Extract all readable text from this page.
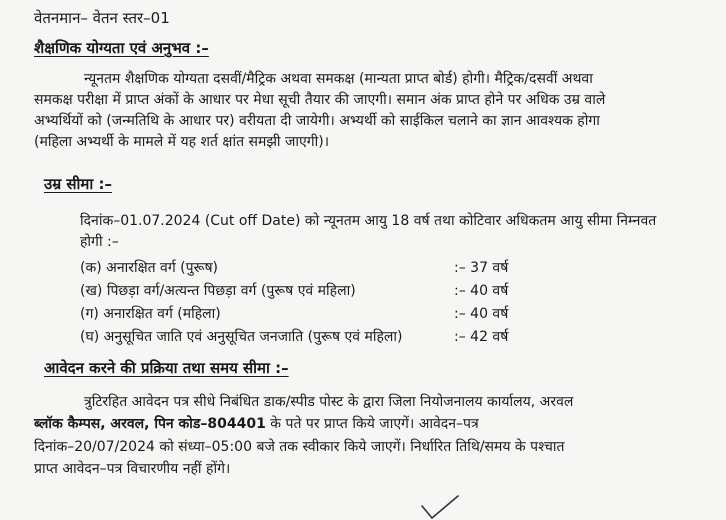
वेतनमान– वेतन स्तर–01
शैक्षणिक योग्यता एवं अनुभव :–
न्यूनतम शैक्षणिक योग्यता दसवीं/मैट्रिक अथवा समकक्ष (मान्यता प्राप्त बोर्ड) होगी। मैट्रिक/दसवीं अथवा
समकक्ष परीक्षा में प्राप्त अंकों के आधार पर मेधा सूची तैयार की जाएगी। समान अंक प्राप्त होने पर अधिक उम्र वाले
अभ्यर्थियों को (जन्मतिथि के आधार पर) वरीयता दी जायेगी। अभ्यर्थी को साईकिल चलाने का ज्ञान आवश्यक होगा
(महिला अभ्यर्थी के मामले में यह शर्त क्षांत समझी जाएगी)।
उम्र सीमा :–
दिनांक–01.07.2024 (Cut off Date) को न्यूनतम आयु 18 वर्ष तथा कोटिवार अधिकतम आयु सीमा निम्नवत
होगी :–
(क) अनारक्षित वर्ग (पुरूष)	:– 37 वर्ष
(ख) पिछड़ा वर्ग/अत्यन्त पिछड़ा वर्ग (पुरूष एवं महिला)	:– 40 वर्ष
(ग) अनारक्षित वर्ग (महिला)	:– 40 वर्ष
(घ) अनुसूचित जाति एवं अनुसूचित जनजाति (पुरूष एवं महिला)	:– 42 वर्ष
आवेदन करने की प्रक्रिया तथा समय सीमा :–
त्रुटिरहित आवेदन पत्र सीधे निबंधित डाक/स्पीड पोस्ट के द्वारा जिला नियोजनालय कार्यालय, अरवल
ब्लॉक कैम्पस, अरवल, पिन कोड–804401 के पते पर प्राप्त किये जाएगें। आवेदन–पत्र
दिनांक–20/07/2024 को संध्या–05:00 बजे तक स्वीकार किये जाएगें। निर्धारित तिथि/समय के पश्चात
प्राप्त आवेदन–पत्र विचारणीय नहीं होंगे।
